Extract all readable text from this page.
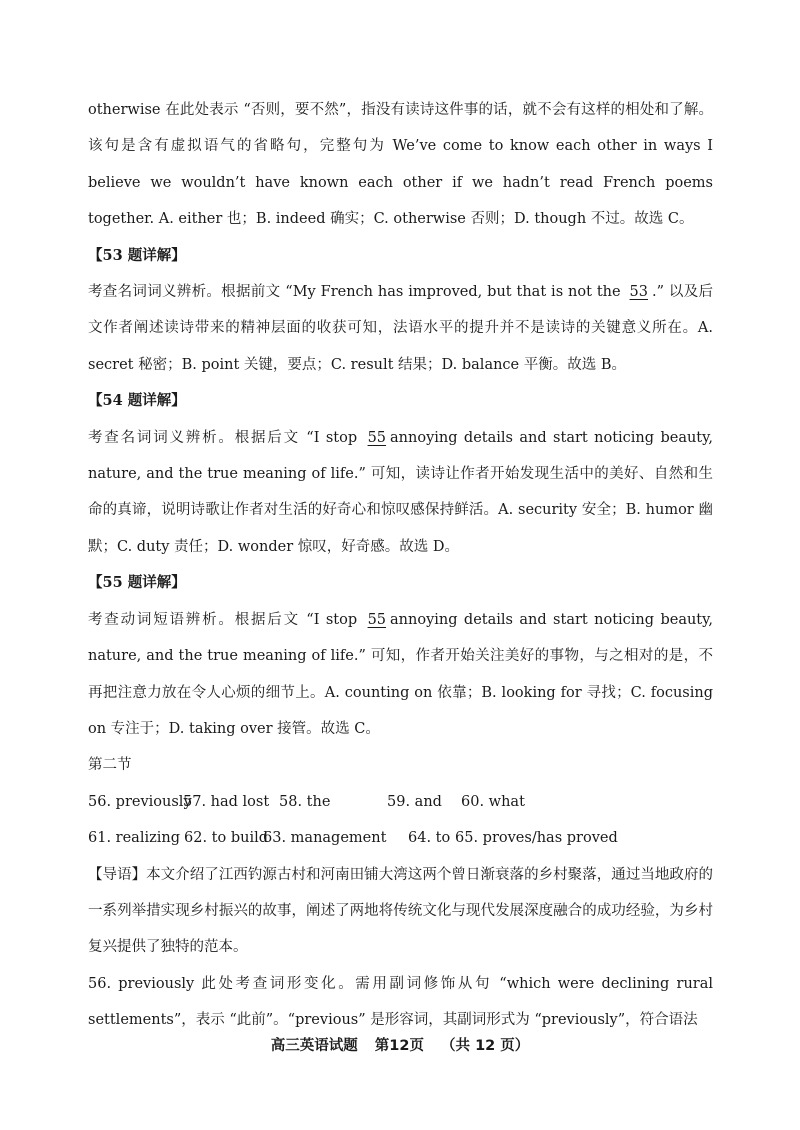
otherwise 在此处表示 “否则，要不然”，指没有读诗这件事的话，就不会有这样的相处和了解。该句是含有虚拟语气的省略句，完整句为 We’ve come to know each other in ways I believe we wouldn’t have known each other if we hadn’t read French poems together. A. either 也；B. indeed 确实；C. otherwise 否则；D. though 不过。故选 C。

【53 题详解】

考查名词词义辨析。根据前文 “My French has improved, but that is not the 53 .” 以及后文作者阐述读诗带来的精神层面的收获可知，法语水平的提升并不是读诗的关键意义所在。A. secret 秘密；B. point 关键，要点；C. result 结果；D. balance 平衡。故选 B。

【54 题详解】

考查名词词义辨析。根据后文 “I stop 55 annoying details and start noticing beauty, nature, and the true meaning of life.” 可知，读诗让作者开始发现生活中的美好、自然和生命的真谛，说明诗歌让作者对生活的好奇心和惊叹感保持鲜活。A. security 安全；B. humor 幽默；C. duty 责任；D. wonder 惊叹，好奇感。故选 D。

【55 题详解】

考查动词短语辨析。根据后文 “I stop 55 annoying details and start noticing beauty, nature, and the true meaning of life.” 可知，作者开始关注美好的事物，与之相对的是，不再把注意力放在令人心烦的细节上。A. counting on 依靠；B. looking for 寻找；C. focusing on 专注于；D. taking over 接管。故选 C。

第二节

56. previously
57. had lost 58. the	59. and	60. what

61. realizing 62. to build
63. management	64. to 65. proves/has proved

【导语】本文介绍了江西钓源古村和河南田铺大湾这两个曾日渐衰落的乡村聚落，通过当地政府的一系列举措实现乡村振兴的故事，阐述了两地将传统文化与现代发展深度融合的成功经验，为乡村复兴提供了独特的范本。

56. previously 此处考查词形变化。需用副词修饰从句 “which were declining rural settlements”，表示 “此前”。“previous” 是形容词，其副词形式为 “previously”，符合语法

高三英语试题 第12页 （共 12 页）
